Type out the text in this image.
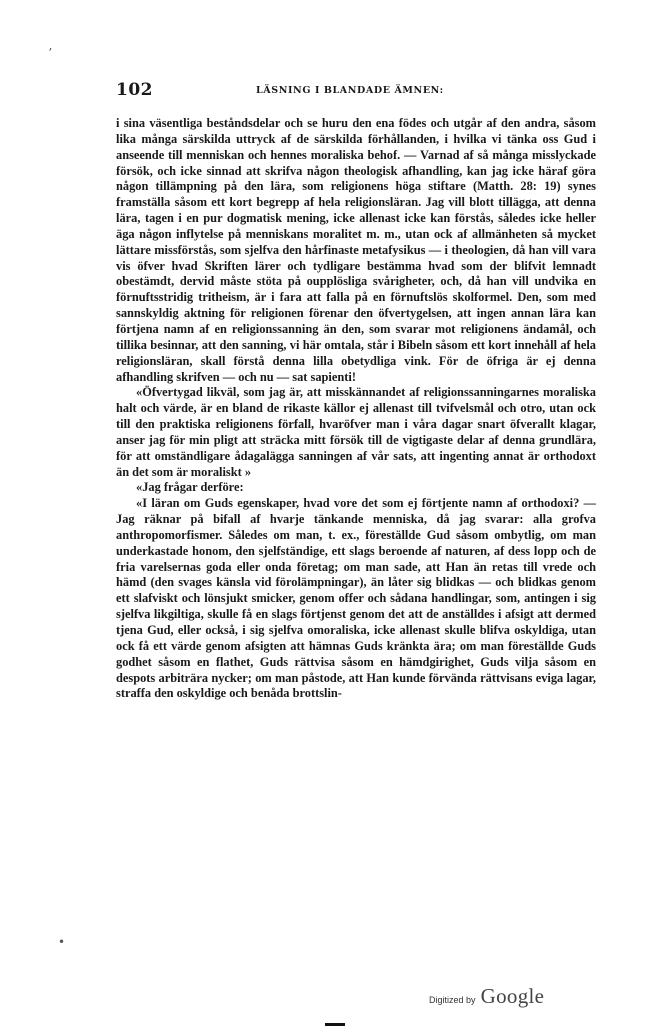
102	LÄSNING I BLANDADE ÄMNEN:

i sina väsentliga beståndsdelar och se huru den ena födes och utgår af den andra, såsom lika många särskilda uttryck af de särskilda förhållanden, i hvilka vi tänka oss Gud i anseende till menniskan och hennes moraliska behof. — Varnad af så många misslyckade försök, och icke sinnad att skrifva någon theologisk afhandling, kan jag icke häraf göra någon tillämpning på den lära, som religionens höga stiftare (Matth. 28: 19) synes framställa såsom ett kort begrepp af hela religionsläran. Jag vill blott tillägga, att denna lära, tagen i en pur dogmatisk mening, icke allenast icke kan förstås, således icke heller äga någon inflytelse på menniskans moralitet m. m., utan ock af allmänheten så mycket lättare missförstås, som sjelfva den hårfinaste metafysikus — i theologien, då han vill vara vis öfver hvad Skriften lärer och tydligare bestämma hvad som der blifvit lemnadt obestämdt, dervid måste stöta på oupplösliga svårigheter, och, då han vill undvika en förnuftsstridig tritheism, är i fara att falla på en förnuftslös skolformel. Den, som med sannskyldig aktning för religionen förenar den öfvertygelsen, att ingen annan lära kan förtjena namn af en religionssanning än den, som svarar mot religionens ändamål, och tillika besinnar, att den sanning, vi här omtala, står i Bibeln såsom ett kort innehåll af hela religionsläran, skall förstå denna lilla obetydliga vink. För de öfriga är ej denna afhandling skrifven — och nu — sat sapienti!

«Öfvertygad likväl, som jag är, att misskännandet af religionssanningarnes moraliska halt och värde, är en bland de rikaste källor ej allenast till tvifvelsmål och otro, utan ock till den praktiska religionens förfall, hvaröfver man i våra dagar snart öfverallt klagar, anser jag för min pligt att sträcka mitt försök till de vigtigaste delar af denna grundlära, för att omständligare ådagalägga sanningen af vår sats, att ingenting annat är orthodoxt än det som är moraliskt »

«Jag frågar derföre:

«I läran om Guds egenskaper, hvad vore det som ej förtjente namn af orthodoxi? — Jag räknar på bifall af hvarje tänkande menniska, då jag svarar: alla grofva anthropomorfismer. Således om man, t. ex., föreställde Gud såsom ombytlig, om man underkastade honom, den sjelfständige, ett slags beroende af naturen, af dess lopp och de fria varelsernas goda eller onda företag; om man sade, att Han än retas till vrede och hämd (den svages känsla vid förolämpningar), än låter sig blidkas — och blidkas genom ett slafviskt och lönsjukt smicker, genom offer och sådana handlingar, som, antingen i sig sjelfva likgiltiga, skulle få en slags förtjenst genom det att de anställdes i afsigt att dermed tjena Gud, eller också, i sig sjelfva omoraliska, icke allenast skulle blifva oskyldiga, utan ock få ett värde genom afsigten att hämnas Guds kränkta ära; om man föreställde Guds godhet såsom en flathet, Guds rättvisa såsom en hämdgirighet, Guds vilja såsom en despots arbiträra nycker; om man påstode, att Han kunde förvända rättvisans eviga lagar, straffa den oskyldige och benåda brottslin-

ʼ
•
Digitized by Google
